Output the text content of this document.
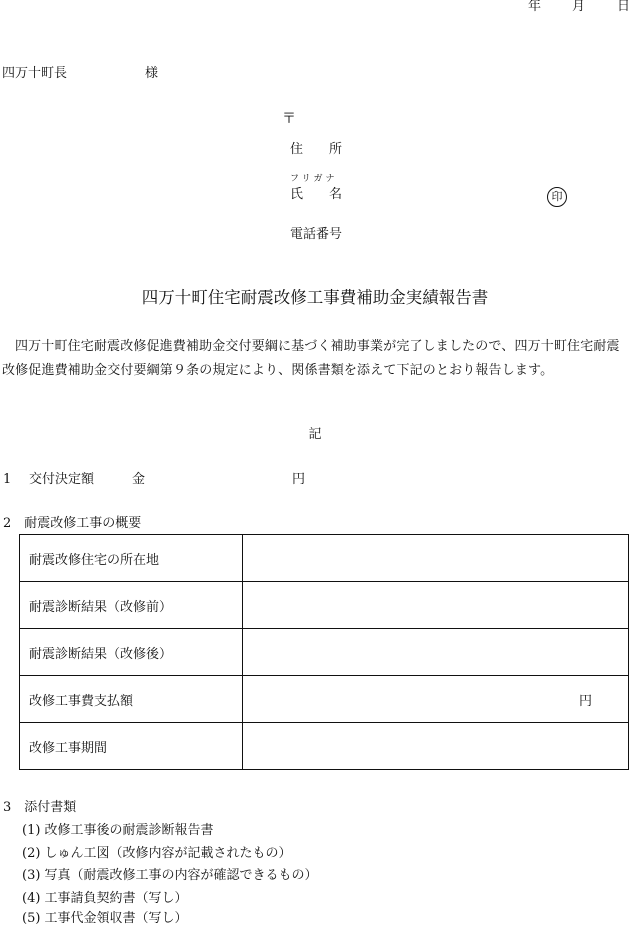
年 月 日
四万十町長	様
〒
住　　所
フリガナ
氏　　名	印
電話番号
四万十町住宅耐震改修工事費補助金実績報告書
四万十町住宅耐震改修促進費補助金交付要綱に基づく補助事業が完了しましたので、四万十町住宅耐震改修促進費補助金交付要綱第９条の規定により、関係書類を添えて下記のとおり報告します。
記
1 交付決定額	金	円
2　耐震改修工事の概要
耐震改修住宅の所在地	
耐震診断結果（改修前）	
耐震診断結果（改修後）	
改修工事費支払額	円
改修工事期間	
3　添付書類
(1) 改修工事後の耐震診断報告書
(2) しゅん工図（改修内容が記載されたもの）
(3) 写真（耐震改修工事の内容が確認できるもの）
(4) 工事請負契約書（写し）
(5) 工事代金領収書（写し）
